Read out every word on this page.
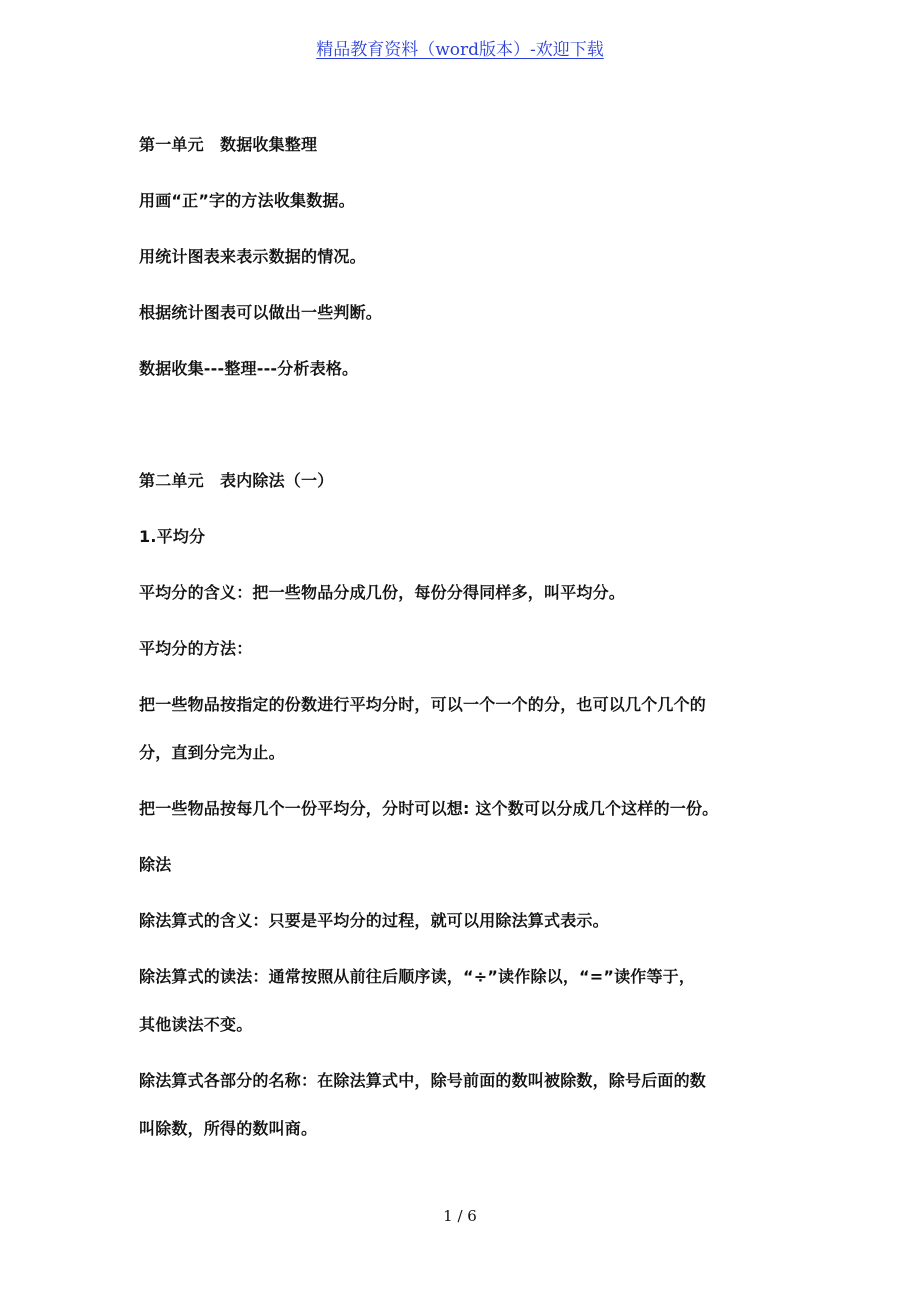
精品教育资料（word版本）-欢迎下载
第一单元　数据收集整理
用画“正”字的方法收集数据。
用统计图表来表示数据的情况。
根据统计图表可以做出一些判断。
数据收集---整理---分析表格。
第二单元　表内除法（一）
1.平均分
平均分的含义：把一些物品分成几份，每份分得同样多，叫平均分。
平均分的方法：
把一些物品按指定的份数进行平均分时，可以一个一个的分，也可以几个几个的
分，直到分完为止。
把一些物品按每几个一份平均分，分时可以想: 这个数可以分成几个这样的一份。
除法
除法算式的含义：只要是平均分的过程，就可以用除法算式表示。
除法算式的读法：通常按照从前往后顺序读，“÷”读作除以，“=”读作等于，
其他读法不变。
除法算式各部分的名称：在除法算式中，除号前面的数叫被除数，除号后面的数
叫除数，所得的数叫商。
1 / 6
